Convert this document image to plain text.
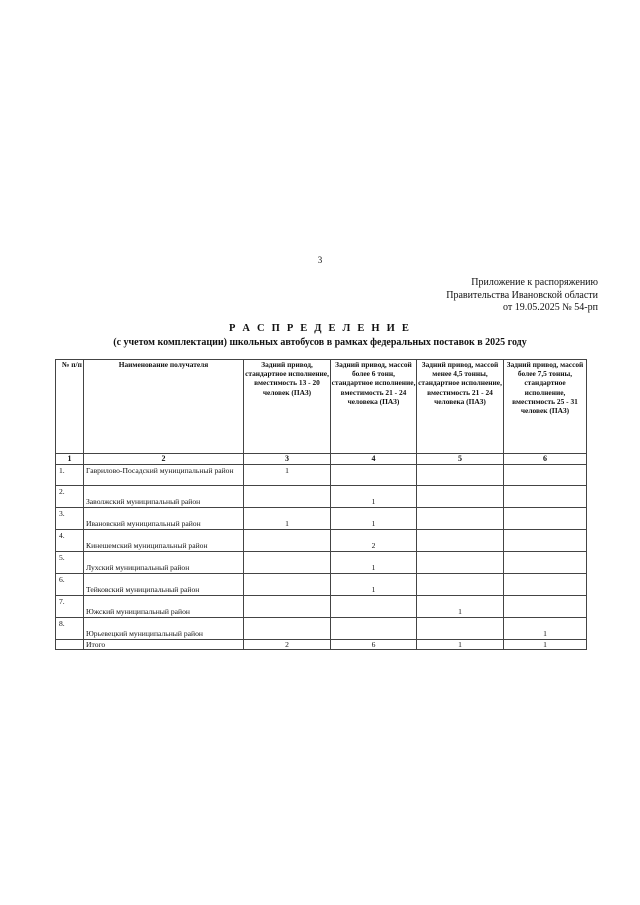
3
Приложение к распоряжению
Правительства Ивановской области
от 19.05.2025 № 54-рп
Р А С П Р Е Д Е Л Е Н И Е
(с учетом комплектации) школьных автобусов в рамках федеральных поставок в 2025 году
№ п/п	Наименование получателя	Задний привод, стандартное исполнение, вместимость 13 - 20 человек (ПАЗ)	Задний привод, массой более 6 тонн, стандартное исполнение, вместимость 21 - 24 человека (ПАЗ)	Задний привод, массой менее 4,5 тонны, стандартное исполнение, вместимость 21 - 24 человека (ПАЗ)	Задний привод, массой более 7,5 тонны, стандартное исполнение, вместимость 25 - 31 человек (ПАЗ)
1	2	3	4	5	6
1.	Гаврилово-Посадский муниципальный район	1			
2.	Заволжский муниципальный район		1		
3.	Ивановский муниципальный район	1	1		
4.	Кинешемский муниципальный район		2		
5.	Лухский муниципальный район		1		
6.	Тейковский муниципальный район		1		
7.	Южский муниципальный район			1	
8.	Юрьевецкий муниципальный район				1
	Итого	2	6	1	1
